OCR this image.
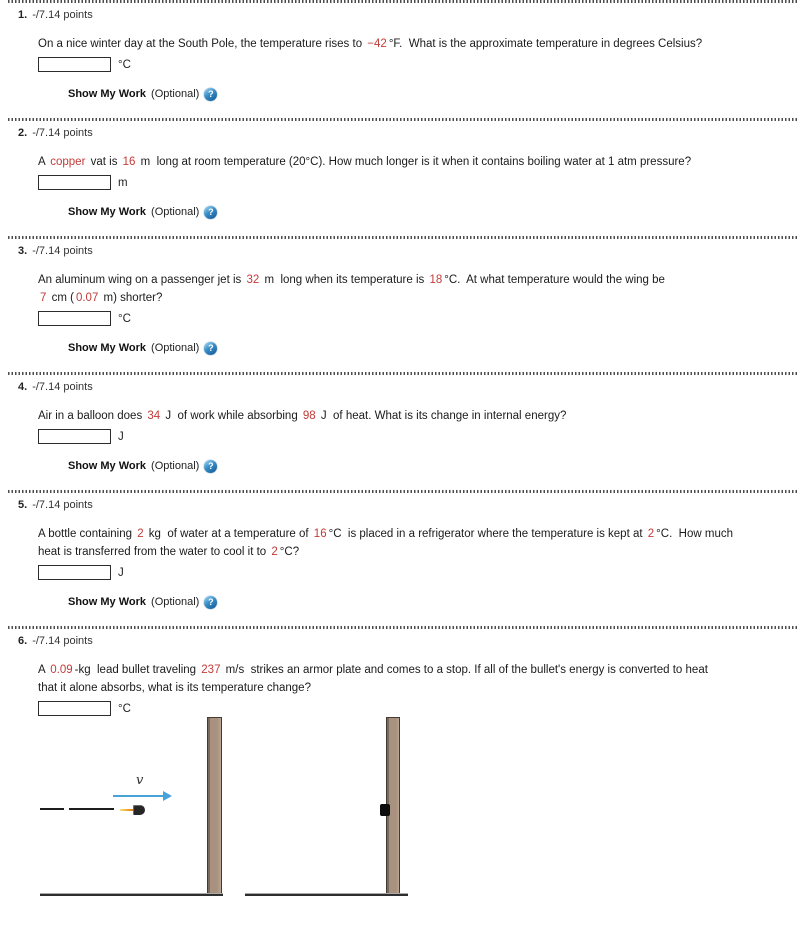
1. -/7.14 points
On a nice winter day at the South Pole, the temperature rises to −42 °F.  What is the approximate temperature in degrees Celsius?
°C
Show My Work (Optional) ?
2. -/7.14 points
A copper vat is 16 m  long at room temperature (20°C). How much longer is it when it contains boiling water at 1 atm pressure?
m
Show My Work (Optional) ?
3. -/7.14 points
An aluminum wing on a passenger jet is 32 m  long when its temperature is 18 °C.  At what temperature would the wing be
7 cm ( 0.07 m) shorter?
°C
Show My Work (Optional) ?
4. -/7.14 points
Air in a balloon does 34 J  of work while absorbing 98 J  of heat. What is its change in internal energy?
J
Show My Work (Optional) ?
5. -/7.14 points
A bottle containing 2 kg  of water at a temperature of 16 °C  is placed in a refrigerator where the temperature is kept at 2 °C.  How much
heat is transferred from the water to cool it to 2 °C?
J
Show My Work (Optional) ?
6. -/7.14 points
A 0.09 -kg  lead bullet traveling 237 m/s  strikes an armor plate and comes to a stop. If all of the bullet's energy is converted to heat
that it alone absorbs, what is its temperature change?
°C
v
